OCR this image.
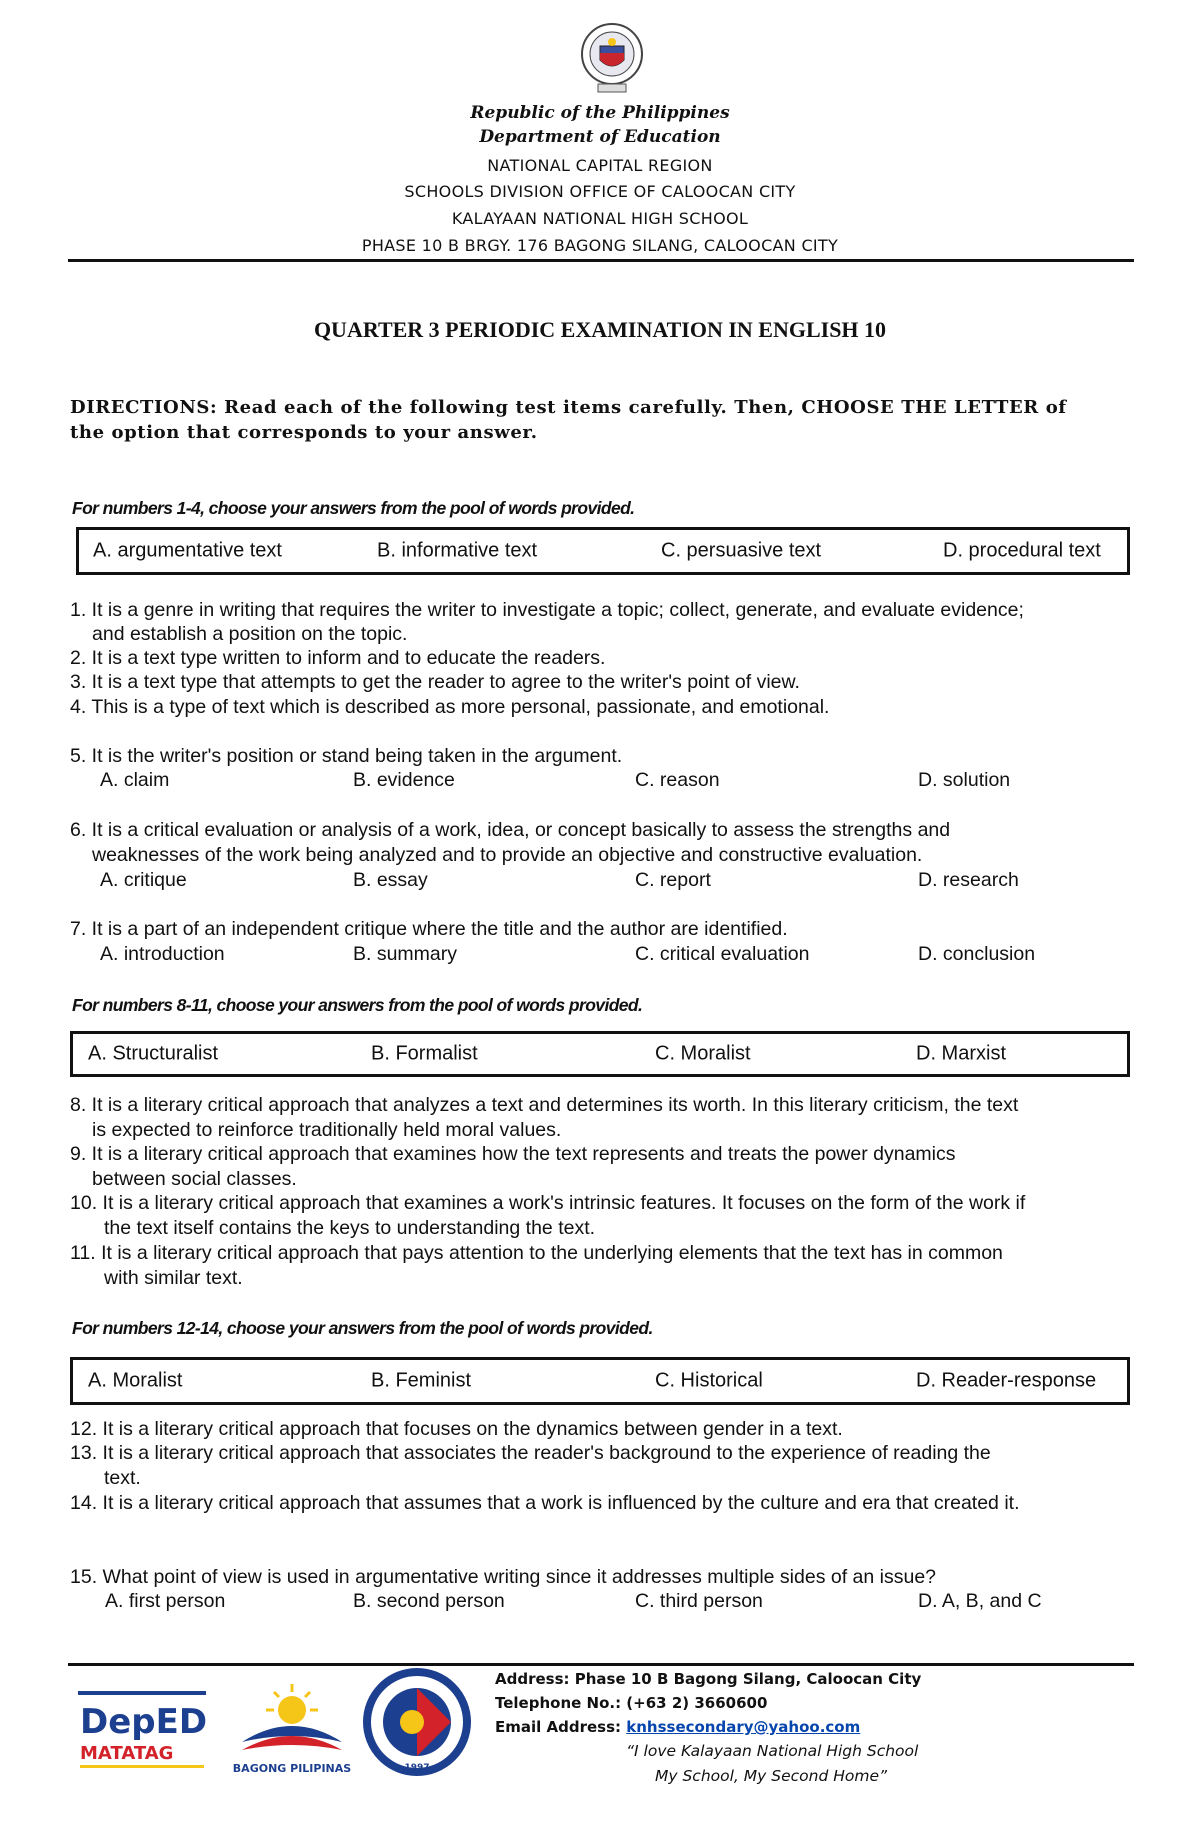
Republic of the Philippines
Department of Education
NATIONAL CAPITAL REGION
SCHOOLS DIVISION OFFICE OF CALOOCAN CITY
KALAYAAN NATIONAL HIGH SCHOOL
PHASE 10 B BRGY. 176 BAGONG SILANG, CALOOCAN CITY
QUARTER 3 PERIODIC EXAMINATION IN ENGLISH 10
DIRECTIONS: Read each of the following test items carefully. Then, CHOOSE THE LETTER of
the option that corresponds to your answer.
For numbers 1-4, choose your answers from the pool of words provided.
A. argumentative text	B. informative text	C. persuasive text	D. procedural text
1. It is a genre in writing that requires the writer to investigate a topic; collect, generate, and evaluate evidence;
and establish a position on the topic.
2. It is a text type written to inform and to educate the readers.
3. It is a text type that attempts to get the reader to agree to the writer's point of view.
4. This is a type of text which is described as more personal, passionate, and emotional.
5. It is the writer's position or stand being taken in the argument.
A. claim	B. evidence	C. reason	D. solution
6. It is a critical evaluation or analysis of a work, idea, or concept basically to assess the strengths and
weaknesses of the work being analyzed and to provide an objective and constructive evaluation.
A. critique	B. essay	C. report	D. research
7. It is a part of an independent critique where the title and the author are identified.
A. introduction	B. summary	C. critical evaluation	D. conclusion
For numbers 8-11, choose your answers from the pool of words provided.
A. Structuralist	B. Formalist	C. Moralist	D. Marxist
8. It is a literary critical approach that analyzes a text and determines its worth. In this literary criticism, the text
is expected to reinforce traditionally held moral values.
9. It is a literary critical approach that examines how the text represents and treats the power dynamics
between social classes.
10. It is a literary critical approach that examines a work's intrinsic features. It focuses on the form of the work if
the text itself contains the keys to understanding the text.
11. It is a literary critical approach that pays attention to the underlying elements that the text has in common
with similar text.
For numbers 12-14, choose your answers from the pool of words provided.
A. Moralist	B. Feminist	C. Historical	D. Reader-response
12. It is a literary critical approach that focuses on the dynamics between gender in a text.
13. It is a literary critical approach that associates the reader's background to the experience of reading the
text.
14. It is a literary critical approach that assumes that a work is influenced by the culture and era that created it.
15. What point of view is used in argumentative writing since it addresses multiple sides of an issue?
A. first person	B. second person	C. third person	D. A, B, and C
DepED
MATATAG
BAGONG PILIPINAS	1997
Address: Phase 10 B Bagong Silang, Caloocan City
Telephone No.: (+63 2) 3660600
Email Address: knhssecondary@yahoo.com
“I love Kalayaan National High School
My School, My Second Home”
